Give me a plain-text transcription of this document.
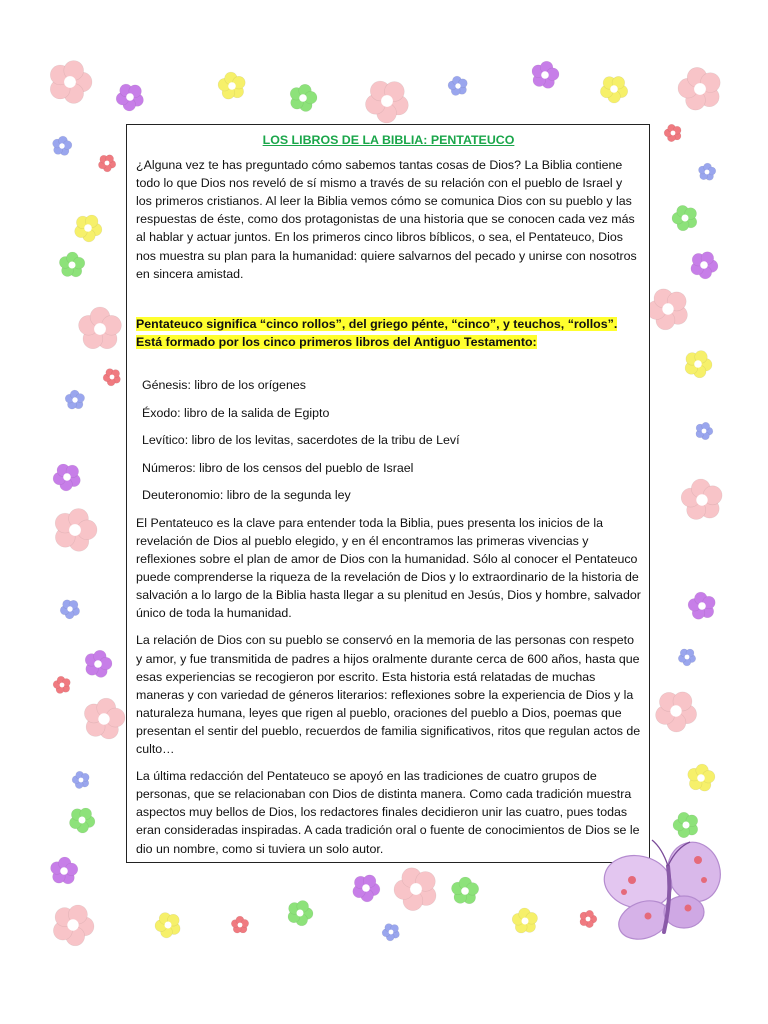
LOS LIBROS DE LA BIBLIA: PENTATEUCO
¿Alguna vez te has preguntado cómo sabemos tantas cosas de Dios? La Biblia contiene todo lo que Dios nos reveló de sí mismo a través de su relación con el pueblo de Israel y los primeros cristianos. Al leer la Biblia vemos cómo se comunica Dios con su pueblo y las respuestas de éste, como dos protagonistas de una historia que se conocen cada vez más al hablar y actuar juntos. En los primeros cinco libros bíblicos, o sea, el Pentateuco, Dios nos muestra su plan para la humanidad: quiere salvarnos del pecado y unirse con nosotros en sincera amistad.
Pentateuco significa “cinco rollos”, del griego pénte, “cinco”, y teuchos, “rollos”. Está formado por los cinco primeros libros del Antiguo Testamento:
Génesis: libro de los orígenes
Éxodo: libro de la salida de Egipto
Levítico: libro de los levitas, sacerdotes de la tribu de Leví
Números: libro de los censos del pueblo de Israel
Deuteronomio: libro de la segunda ley
El Pentateuco es la clave para entender toda la Biblia, pues presenta los inicios de la revelación de Dios al pueblo elegido, y en él encontramos las primeras vivencias y reflexiones sobre el plan de amor de Dios con la humanidad. Sólo al conocer el Pentateuco puede comprenderse la riqueza de la revelación de Dios y lo extraordinario de la historia de salvación a lo largo de la Biblia hasta llegar a su plenitud en Jesús, Dios y hombre, salvador único de toda la humanidad.
La relación de Dios con su pueblo se conservó en la memoria de las personas con respeto y amor, y fue transmitida de padres a hijos oralmente durante cerca de 600 años, hasta que esas experiencias se recogieron por escrito. Esta historia está relatadas de muchas maneras y con variedad de géneros literarios: reflexiones sobre la experiencia de Dios y la naturaleza humana, leyes que rigen al pueblo, oraciones del pueblo a Dios, poemas que presentan el sentir del pueblo, recuerdos de familia significativos, ritos que regulan actos de culto…
La última redacción del Pentateuco se apoyó en las tradiciones de cuatro grupos de personas, que se relacionaban con Dios de distinta manera. Como cada tradición muestra aspectos muy bellos de Dios, los redactores finales decidieron unir las cuatro, pues todas eran consideradas inspiradas. A cada tradición oral o fuente de conocimientos de Dios se le dio un nombre, como si tuviera un solo autor.
